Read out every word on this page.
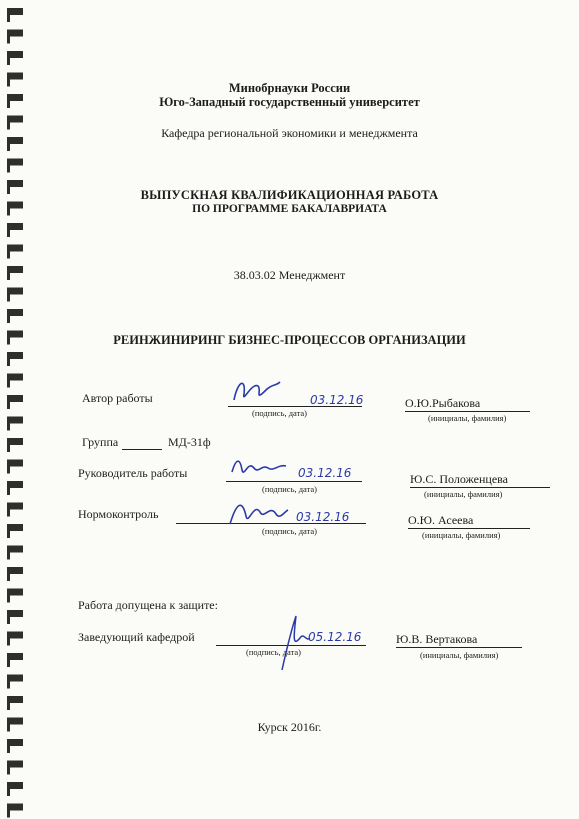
Минобрнауки России
Юго-Западный государственный университет
Кафедра региональной экономики и менеджмента
ВЫПУСКНАЯ КВАЛИФИКАЦИОННАЯ РАБОТА
ПО ПРОГРАММЕ БАКАЛАВРИАТА
38.03.02 Менеджмент
РЕИНЖИНИРИНГ БИЗНЕС-ПРОЦЕССОВ ОРГАНИЗАЦИИ
Автор работы	03.12.16
(подпись, дата)
О.Ю.Рыбакова
(инициалы, фамилия)
Группа	МД-31ф
Руководитель работы	03.12.16
(подпись, дата)
Ю.С. Положенцева
(инициалы, фамилия)
Нормоконтроль	03.12.16
(подпись, дата)
О.Ю. Асеева
(инициалы, фамилия)
Работа допущена к защите:
Заведующий кафедрой	05.12.16
(подпись, дата)
Ю.В. Вертакова
(инициалы, фамилия)
Курск 2016г.
